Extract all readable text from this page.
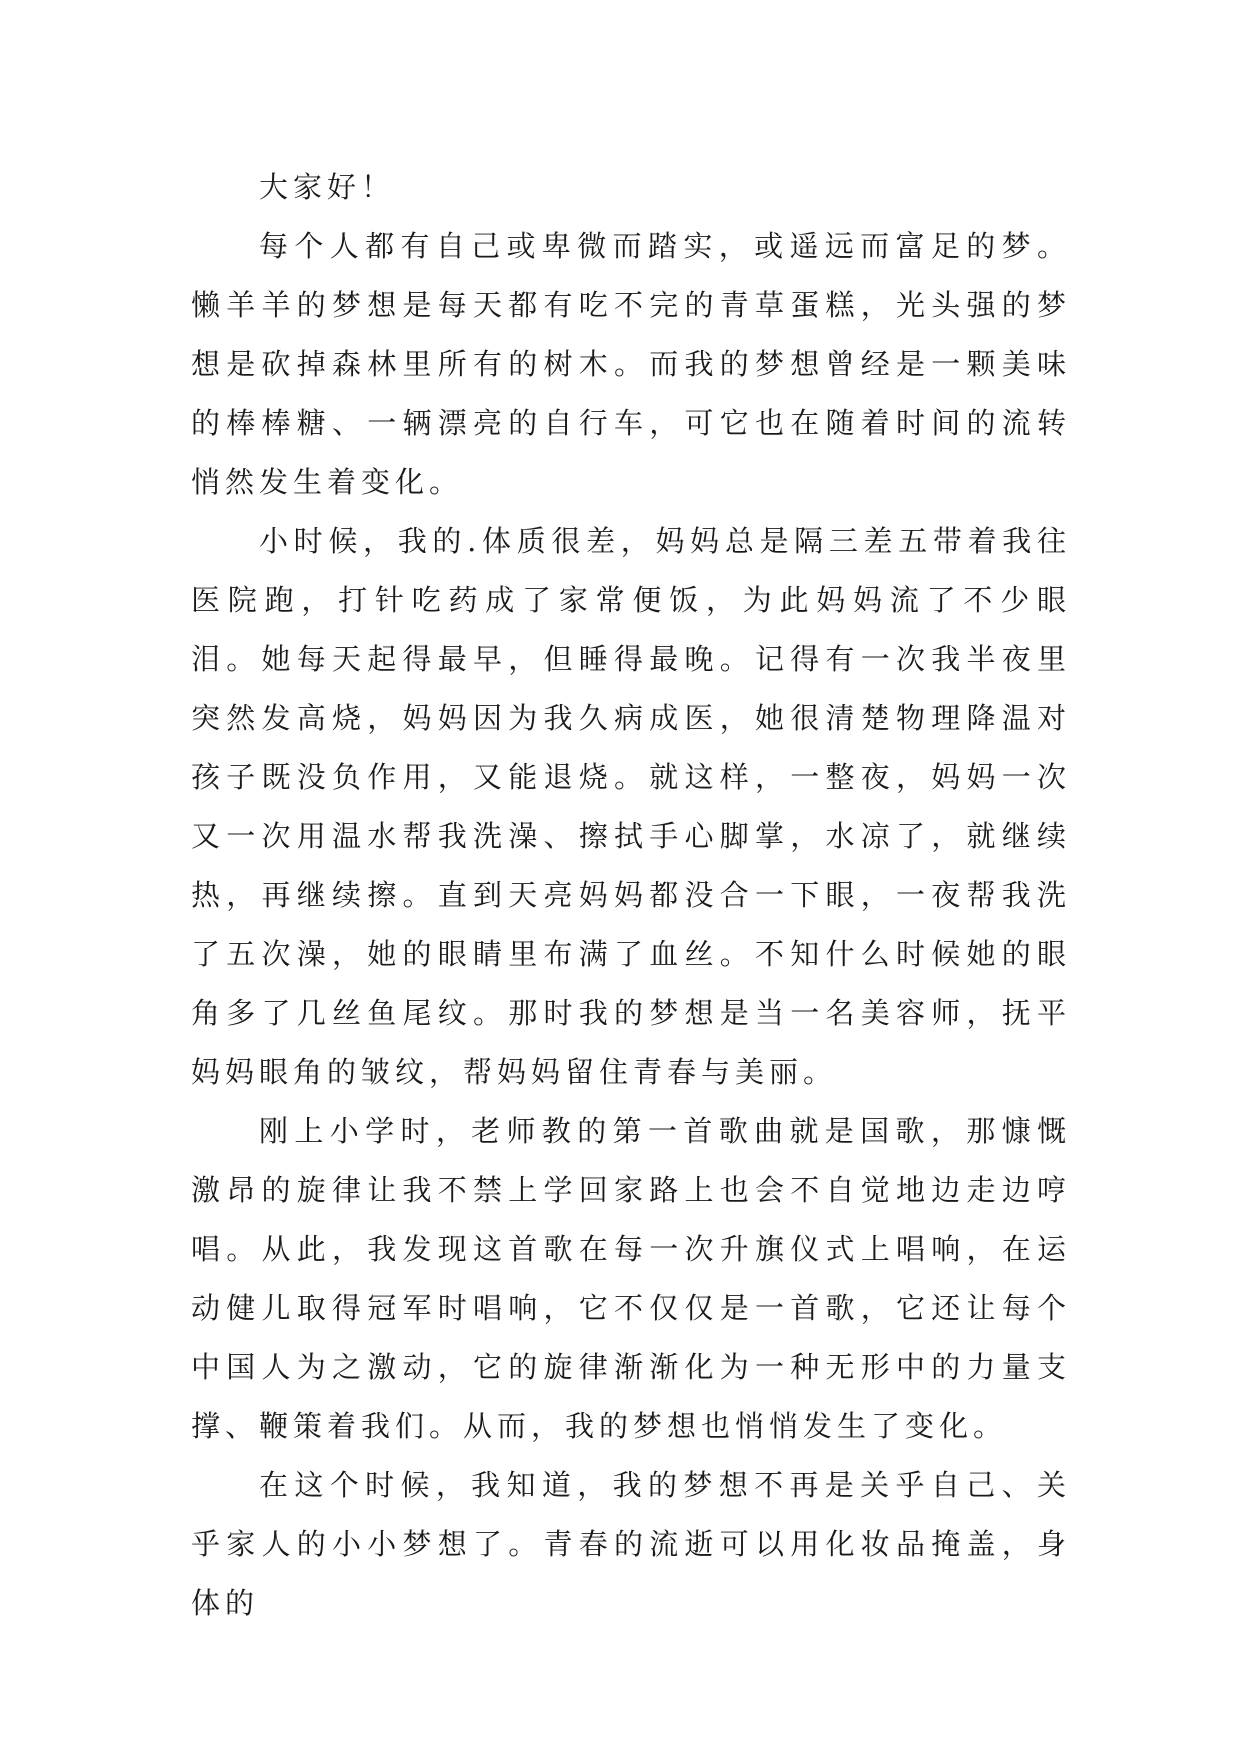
大家好！

每个人都有自己或卑微而踏实，或遥远而富足的梦。懒羊羊的梦想是每天都有吃不完的青草蛋糕，光头强的梦想是砍掉森林里所有的树木。而我的梦想曾经是一颗美味的棒棒糖、一辆漂亮的自行车，可它也在随着时间的流转悄然发生着变化。

小时候，我的.体质很差，妈妈总是隔三差五带着我往医院跑，打针吃药成了家常便饭，为此妈妈流了不少眼泪。她每天起得最早，但睡得最晚。记得有一次我半夜里突然发高烧，妈妈因为我久病成医，她很清楚物理降温对孩子既没负作用，又能退烧。就这样，一整夜，妈妈一次又一次用温水帮我洗澡、擦拭手心脚掌，水凉了，就继续热，再继续擦。直到天亮妈妈都没合一下眼，一夜帮我洗了五次澡，她的眼睛里布满了血丝。不知什么时候她的眼角多了几丝鱼尾纹。那时我的梦想是当一名美容师，抚平妈妈眼角的皱纹，帮妈妈留住青春与美丽。

刚上小学时，老师教的第一首歌曲就是国歌，那慷慨激昂的旋律让我不禁上学回家路上也会不自觉地边走边哼唱。从此，我发现这首歌在每一次升旗仪式上唱响，在运动健儿取得冠军时唱响，它不仅仅是一首歌，它还让每个中国人为之激动，它的旋律渐渐化为一种无形中的力量支撑、鞭策着我们。从而，我的梦想也悄悄发生了变化。

在这个时候，我知道，我的梦想不再是关乎自己、关乎家人的小小梦想了。青春的流逝可以用化妆品掩盖，身体的
